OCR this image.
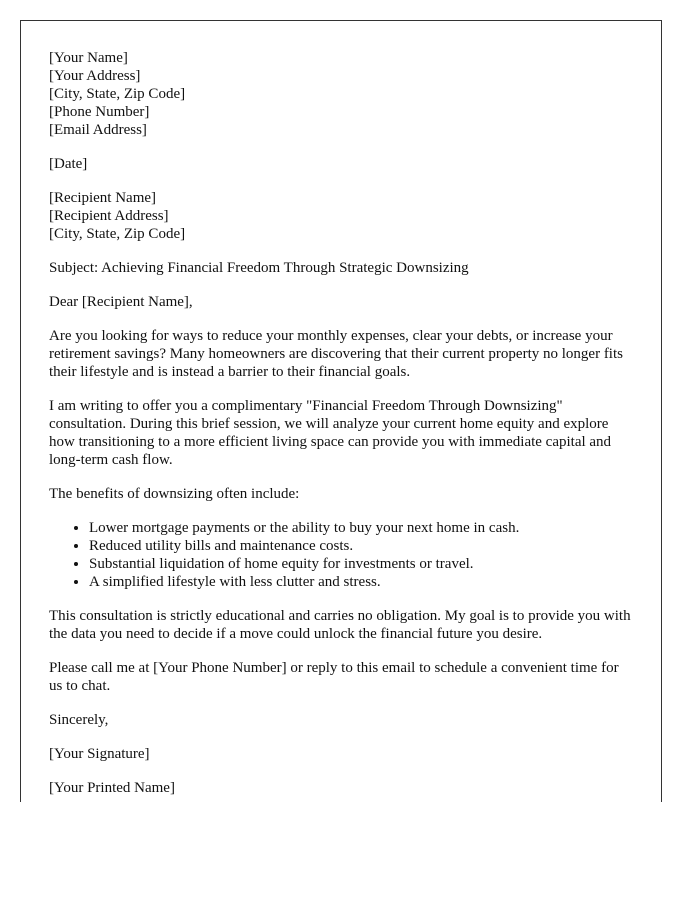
[Your Name]
[Your Address]
[City, State, Zip Code]
[Phone Number]
[Email Address]

[Date]

[Recipient Name]
[Recipient Address]
[City, State, Zip Code]

Subject: Achieving Financial Freedom Through Strategic Downsizing

Dear [Recipient Name],

Are you looking for ways to reduce your monthly expenses, clear your debts, or increase your retirement savings? Many homeowners are discovering that their current property no longer fits their lifestyle and is instead a barrier to their financial goals.

I am writing to offer you a complimentary "Financial Freedom Through Downsizing" consultation. During this brief session, we will analyze your current home equity and explore how transitioning to a more efficient living space can provide you with immediate capital and long-term cash flow.

The benefits of downsizing often include:

• Lower mortgage payments or the ability to buy your next home in cash.
• Reduced utility bills and maintenance costs.
• Substantial liquidation of home equity for investments or travel.
• A simplified lifestyle with less clutter and stress.

This consultation is strictly educational and carries no obligation. My goal is to provide you with the data you need to decide if a move could unlock the financial future you desire.

Please call me at [Your Phone Number] or reply to this email to schedule a convenient time for us to chat.

Sincerely,

[Your Signature]

[Your Printed Name]
